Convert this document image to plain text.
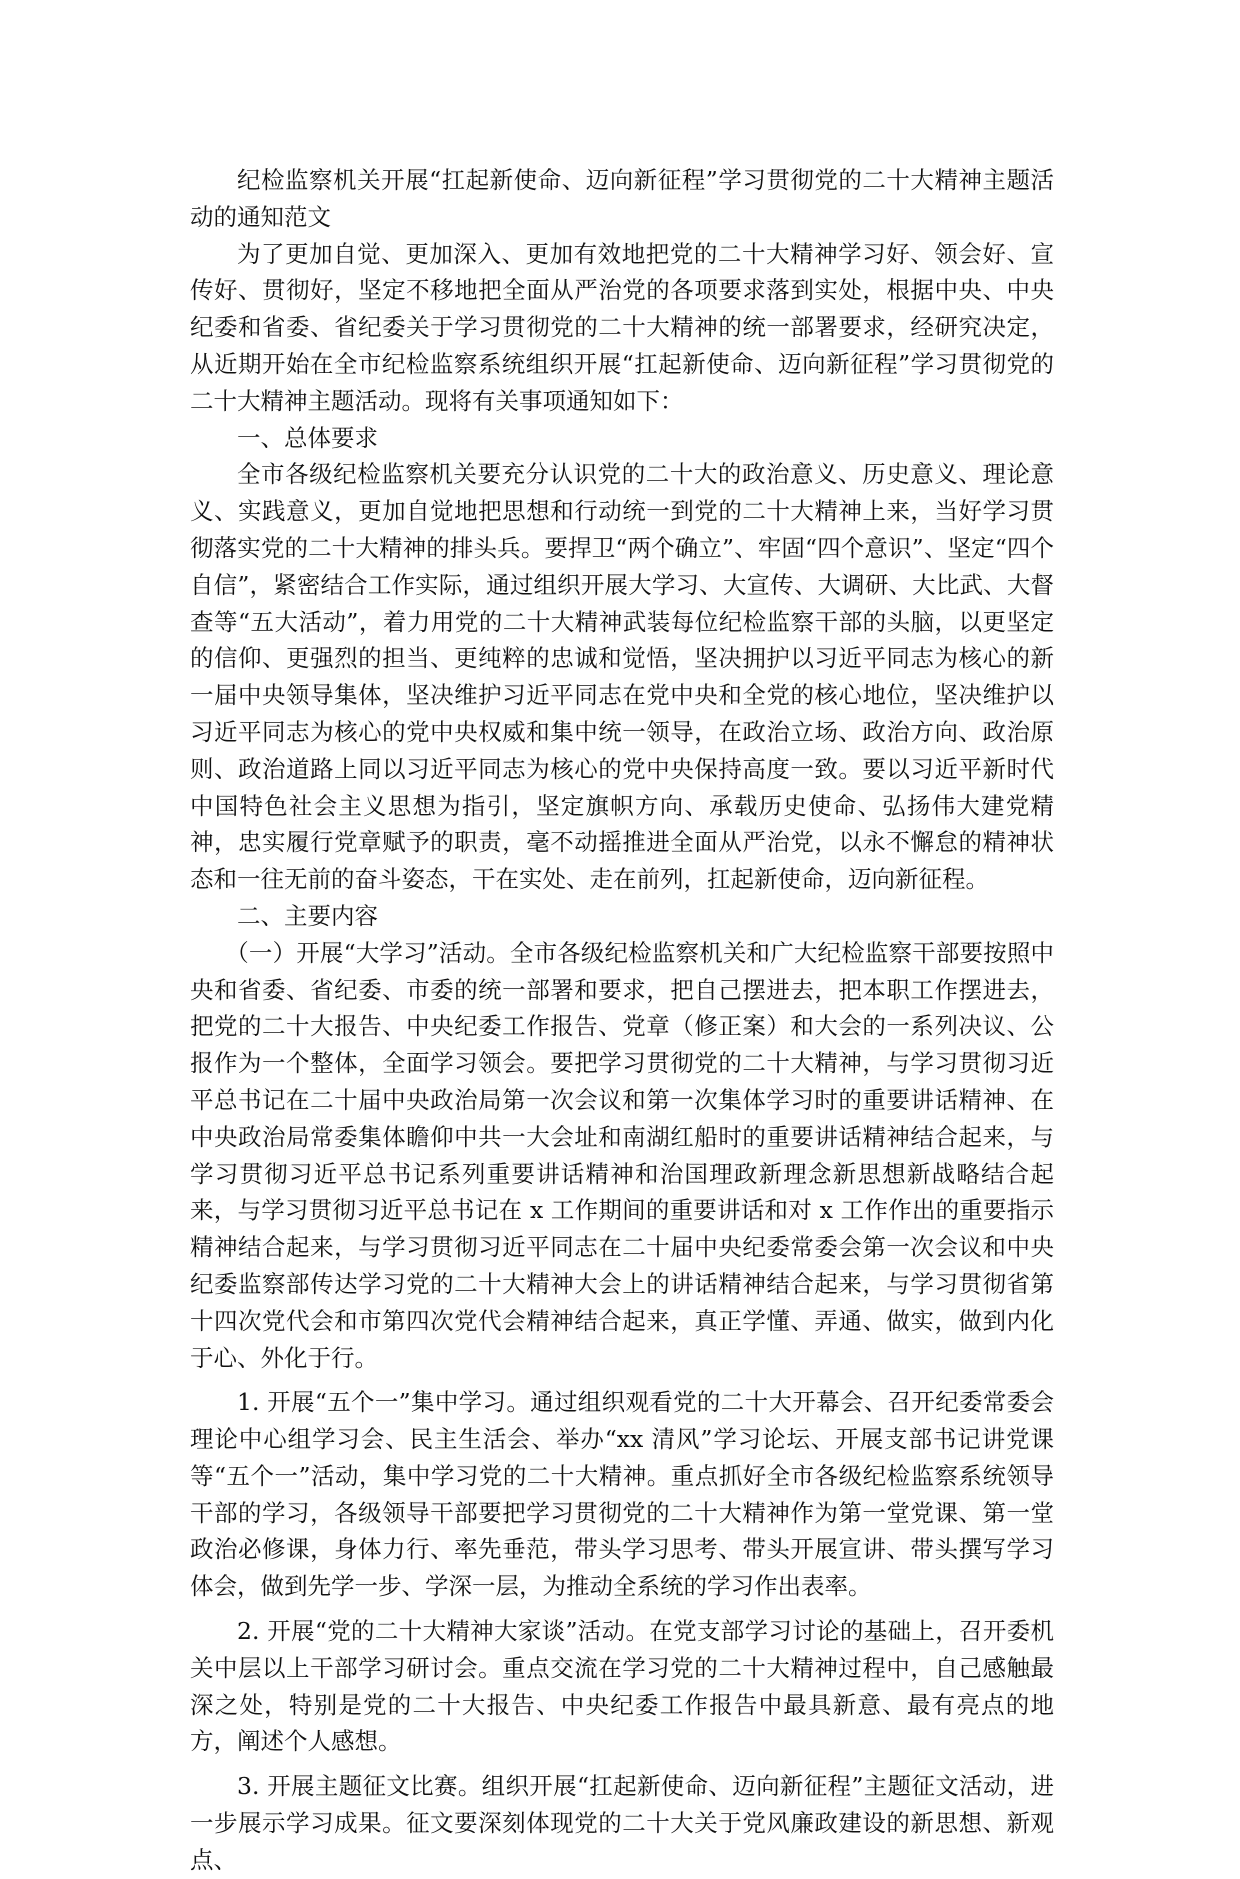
纪检监察机关开展“扛起新使命、迈向新征程”学习贯彻党的二十大精神主题活动的通知范文

为了更加自觉、更加深入、更加有效地把党的二十大精神学习好、领会好、宣传好、贯彻好，坚定不移地把全面从严治党的各项要求落到实处，根据中央、中央纪委和省委、省纪委关于学习贯彻党的二十大精神的统一部署要求，经研究决定，从近期开始在全市纪检监察系统组织开展“扛起新使命、迈向新征程”学习贯彻党的二十大精神主题活动。现将有关事项通知如下：

一、总体要求

全市各级纪检监察机关要充分认识党的二十大的政治意义、历史意义、理论意义、实践意义，更加自觉地把思想和行动统一到党的二十大精神上来，当好学习贯彻落实党的二十大精神的排头兵。要捍卫“两个确立”、牢固“四个意识”、坚定“四个自信”，紧密结合工作实际，通过组织开展大学习、大宣传、大调研、大比武、大督查等“五大活动”，着力用党的二十大精神武装每位纪检监察干部的头脑，以更坚定的信仰、更强烈的担当、更纯粹的忠诚和觉悟，坚决拥护以习近平同志为核心的新一届中央领导集体，坚决维护习近平同志在党中央和全党的核心地位，坚决维护以习近平同志为核心的党中央权威和集中统一领导，在政治立场、政治方向、政治原则、政治道路上同以习近平同志为核心的党中央保持高度一致。要以习近平新时代中国特色社会主义思想为指引，坚定旗帜方向、承载历史使命、弘扬伟大建党精神，忠实履行党章赋予的职责，毫不动摇推进全面从严治党，以永不懈怠的精神状态和一往无前的奋斗姿态，干在实处、走在前列，扛起新使命，迈向新征程。

二、主要内容

（一）开展“大学习”活动。全市各级纪检监察机关和广大纪检监察干部要按照中央和省委、省纪委、市委的统一部署和要求，把自己摆进去，把本职工作摆进去，把党的二十大报告、中央纪委工作报告、党章（修正案）和大会的一系列决议、公报作为一个整体，全面学习领会。要把学习贯彻党的二十大精神，与学习贯彻习近平总书记在二十届中央政治局第一次会议和第一次集体学习时的重要讲话精神、在中央政治局常委集体瞻仰中共一大会址和南湖红船时的重要讲话精神结合起来，与学习贯彻习近平总书记系列重要讲话精神和治国理政新理念新思想新战略结合起来，与学习贯彻习近平总书记在 x 工作期间的重要讲话和对 x 工作作出的重要指示精神结合起来，与学习贯彻习近平同志在二十届中央纪委常委会第一次会议和中央纪委监察部传达学习党的二十大精神大会上的讲话精神结合起来，与学习贯彻省第十四次党代会和市第四次党代会精神结合起来，真正学懂、弄通、做实，做到内化于心、外化于行。

1. 开展“五个一”集中学习。通过组织观看党的二十大开幕会、召开纪委常委会理论中心组学习会、民主生活会、举办“xx 清风”学习论坛、开展支部书记讲党课等“五个一”活动，集中学习党的二十大精神。重点抓好全市各级纪检监察系统领导干部的学习，各级领导干部要把学习贯彻党的二十大精神作为第一堂党课、第一堂政治必修课，身体力行、率先垂范，带头学习思考、带头开展宣讲、带头撰写学习体会，做到先学一步、学深一层，为推动全系统的学习作出表率。

2. 开展“党的二十大精神大家谈”活动。在党支部学习讨论的基础上，召开委机关中层以上干部学习研讨会。重点交流在学习党的二十大精神过程中，自己感触最深之处，特别是党的二十大报告、中央纪委工作报告中最具新意、最有亮点的地方，阐述个人感想。

3. 开展主题征文比赛。组织开展“扛起新使命、迈向新征程”主题征文活动，进一步展示学习成果。征文要深刻体现党的二十大关于党风廉政建设的新思想、新观点、
